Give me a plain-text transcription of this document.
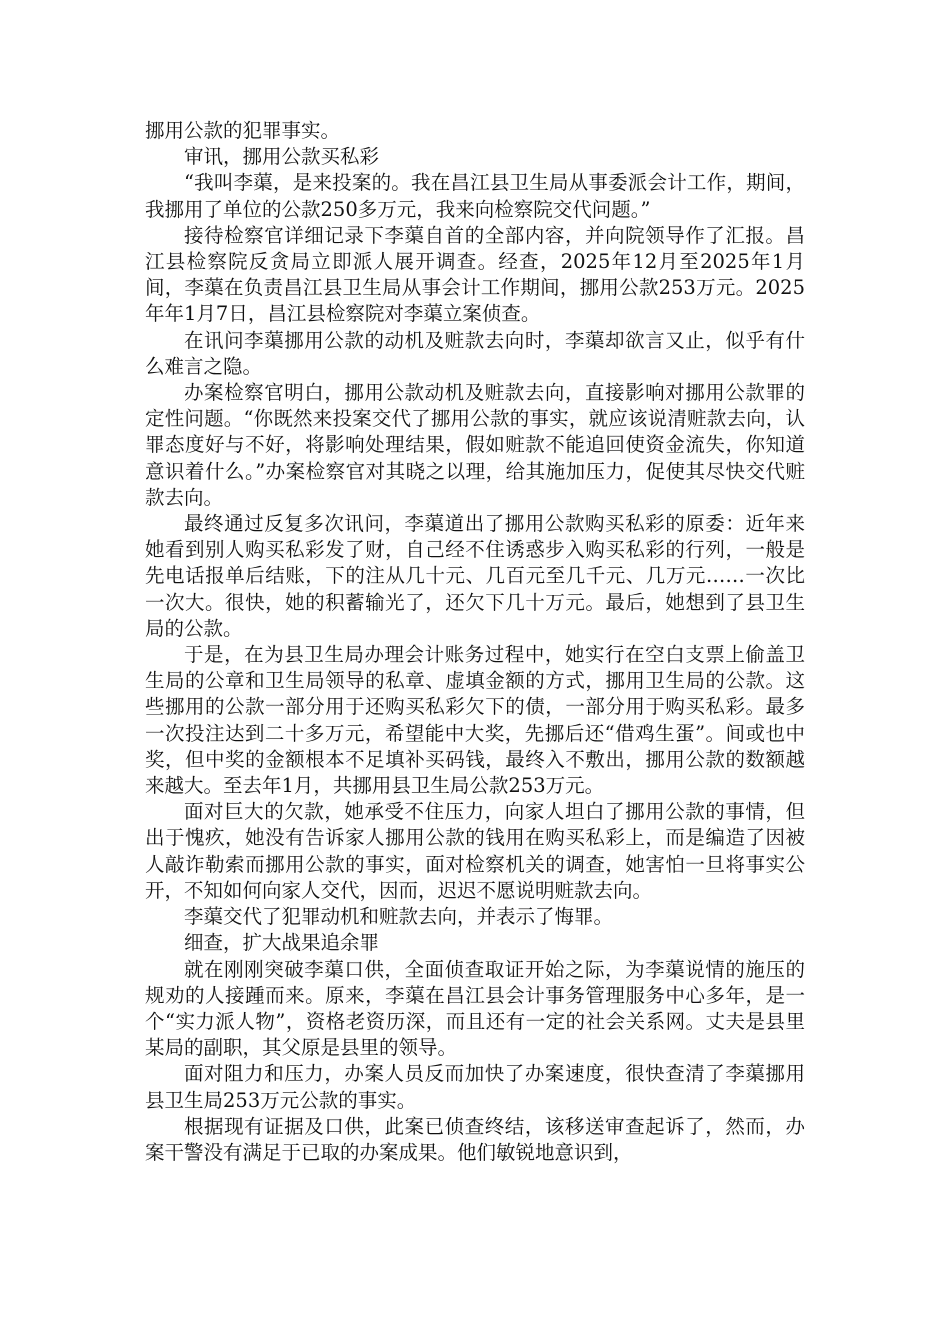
挪用公款的犯罪事实。

审讯，挪用公款买私彩

“我叫李蕖，是来投案的。我在昌江县卫生局从事委派会计工作，期间，我挪用了单位的公款250多万元，我来向检察院交代问题。”

接待检察官详细记录下李蕖自首的全部内容，并向院领导作了汇报。昌江县检察院反贪局立即派人展开调查。经查，2025年12月至2025年1月间，李蕖在负责昌江县卫生局从事会计工作期间，挪用公款253万元。2025年年1月7日，昌江县检察院对李蕖立案侦查。

在讯问李蕖挪用公款的动机及赃款去向时，李蕖却欲言又止，似乎有什么难言之隐。

办案检察官明白，挪用公款动机及赃款去向，直接影响对挪用公款罪的定性问题。“你既然来投案交代了挪用公款的事实，就应该说清赃款去向，认罪态度好与不好，将影响处理结果，假如赃款不能追回使资金流失，你知道意识着什么。”办案检察官对其晓之以理，给其施加压力，促使其尽快交代赃款去向。

最终通过反复多次讯问，李蕖道出了挪用公款购买私彩的原委：近年来她看到别人购买私彩发了财，自己经不住诱惑步入购买私彩的行列，一般是先电话报单后结账，下的注从几十元、几百元至几千元、几万元……一次比一次大。很快，她的积蓄输光了，还欠下几十万元。最后，她想到了县卫生局的公款。

于是，在为县卫生局办理会计账务过程中，她实行在空白支票上偷盖卫生局的公章和卫生局领导的私章、虚填金额的方式，挪用卫生局的公款。这些挪用的公款一部分用于还购买私彩欠下的债，一部分用于购买私彩。最多一次投注达到二十多万元，希望能中大奖，先挪后还“借鸡生蛋”。间或也中奖，但中奖的金额根本不足填补买码钱，最终入不敷出，挪用公款的数额越来越大。至去年1月，共挪用县卫生局公款253万元。

面对巨大的欠款，她承受不住压力，向家人坦白了挪用公款的事情，但出于愧疚，她没有告诉家人挪用公款的钱用在购买私彩上，而是编造了因被人敲诈勒索而挪用公款的事实，面对检察机关的调查，她害怕一旦将事实公开，不知如何向家人交代，因而，迟迟不愿说明赃款去向。

李蕖交代了犯罪动机和赃款去向，并表示了悔罪。

细查，扩大战果追余罪

就在刚刚突破李蕖口供，全面侦查取证开始之际，为李蕖说情的施压的规劝的人接踵而来。原来，李蕖在昌江县会计事务管理服务中心多年，是一个“实力派人物”，资格老资历深，而且还有一定的社会关系网。丈夫是县里某局的副职，其父原是县里的领导。

面对阻力和压力，办案人员反而加快了办案速度，很快查清了李蕖挪用县卫生局253万元公款的事实。

根据现有证据及口供，此案已侦查终结，该移送审查起诉了，然而，办案干警没有满足于已取的办案成果。他们敏锐地意识到，
